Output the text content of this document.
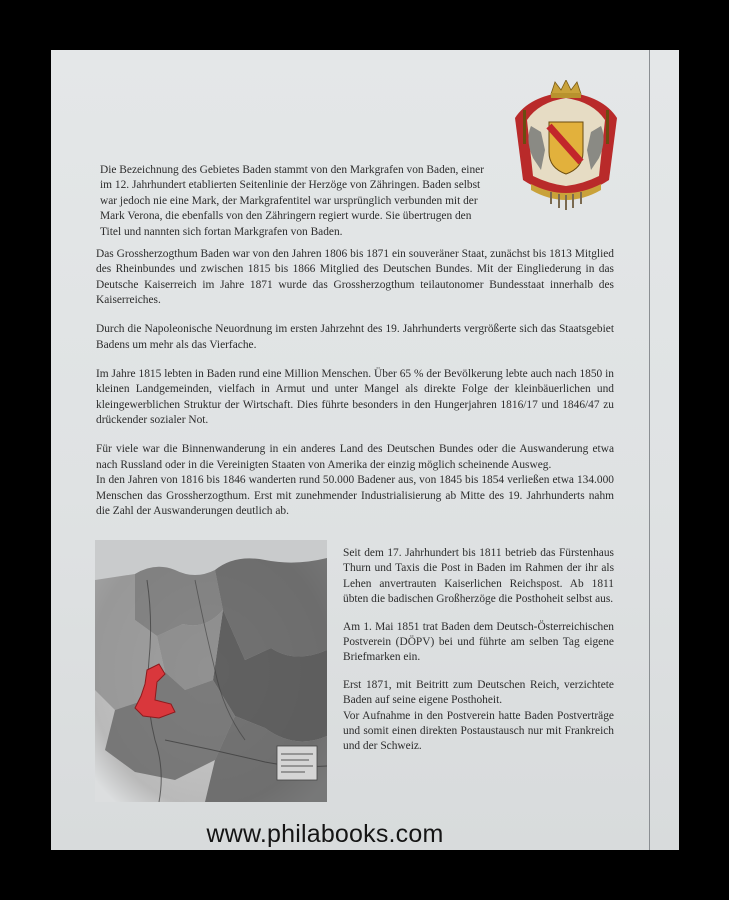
Die Bezeichnung des Gebietes Baden stammt von den Markgrafen von Baden, einer
im 12. Jahrhundert etablierten Seitenlinie der Herzöge von Zähringen. Baden selbst
war jedoch nie eine Mark, der Markgrafentitel war ursprünglich verbunden mit der
Mark Verona, die ebenfalls von den Zähringern regiert wurde. Sie übertrugen den
Titel und nannten sich fortan Markgrafen von Baden.

Das Grossherzogthum Baden war von den Jahren 1806 bis 1871 ein souveräner Staat, zunächst bis 1813 Mitglied des Rheinbundes und zwischen 1815 bis 1866 Mitglied des Deutschen Bundes. Mit der Eingliederung in das Deutsche Kaiserreich im Jahre 1871 wurde das Grossherzogthum teilautonomer Bundesstaat innerhalb des Kaiserreiches.

Durch die Napoleonische Neuordnung im ersten Jahrzehnt des 19. Jahrhunderts vergrößerte sich das Staatsgebiet Badens um mehr als das Vierfache.

Im Jahre 1815 lebten in Baden rund eine Million Menschen. Über 65 % der Bevölkerung lebte auch nach 1850 in kleinen Landgemeinden, vielfach in Armut und unter Mangel als direkte Folge der kleinbäuerlichen und kleingewerblichen Struktur der Wirtschaft. Dies führte besonders in den Hungerjahren 1816/17 und 1846/47 zu drückender sozialer Not.

Für viele war die Binnenwanderung in ein anderes Land des Deutschen Bundes oder die Auswanderung etwa nach Russland oder in die Vereinigten Staaten von Amerika der einzig möglich scheinende Ausweg.

In den Jahren von 1816 bis 1846 wanderten rund 50.000 Badener aus, von 1845 bis 1854 verließen etwa 134.000 Menschen das Grossherzogthum. Erst mit zunehmender Industrialisierung ab Mitte des 19. Jahrhunderts nahm die Zahl der Auswanderungen deutlich ab.

Seit dem 17. Jahrhundert bis 1811 betrieb das Fürstenhaus Thurn und Taxis die Post in Baden im Rahmen der ihr als Lehen anvertrauten Kaiserlichen Reichspost. Ab 1811 übten die badischen Großherzöge die Posthoheit selbst aus.

Am 1. Mai 1851 trat Baden dem Deutsch-Österreichischen Postverein (DÖPV) bei und führte am selben Tag eigene Briefmarken ein.

Erst 1871, mit Beitritt zum Deutschen Reich, verzichtete Baden auf seine eigene Posthoheit.

Vor Aufnahme in den Postverein hatte Baden Postverträge und somit einen direkten Postaustausch nur mit Frankreich und der Schweiz.

www.philabooks.com
